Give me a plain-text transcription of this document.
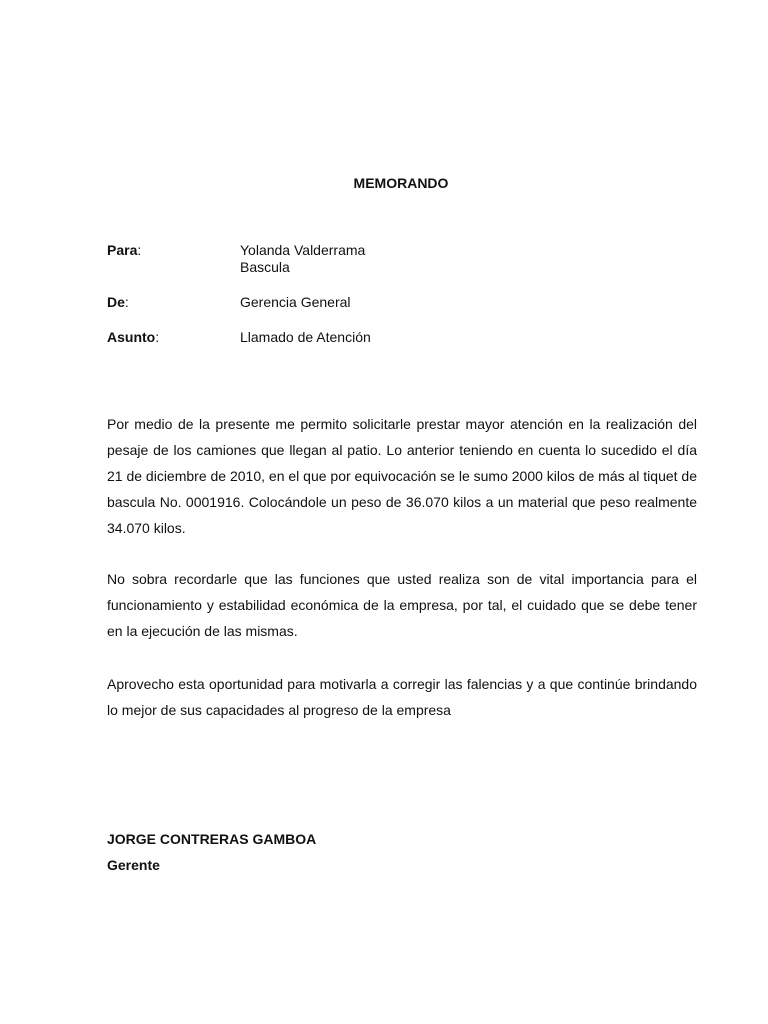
MEMORANDO
Para:	Yolanda Valderrama
Bascula
De:	Gerencia General
Asunto:	Llamado de Atención

Por medio de la presente me permito solicitarle prestar mayor atención en la realización del pesaje de los camiones que llegan al patio. Lo anterior teniendo en cuenta lo sucedido el día 21 de diciembre de 2010, en el que por equivocación se le sumo 2000 kilos de más al tiquet de bascula No. 0001916. Colocándole un peso de 36.070 kilos a un material que peso realmente 34.070 kilos.

No sobra recordarle que las funciones que usted realiza son de vital importancia para el funcionamiento y estabilidad económica de la empresa, por tal, el cuidado que se debe tener en la ejecución de las mismas.

Aprovecho esta oportunidad para motivarla a corregir las falencias y a que continúe brindando lo mejor de sus capacidades al progreso de la empresa

JORGE CONTRERAS GAMBOA
Gerente
